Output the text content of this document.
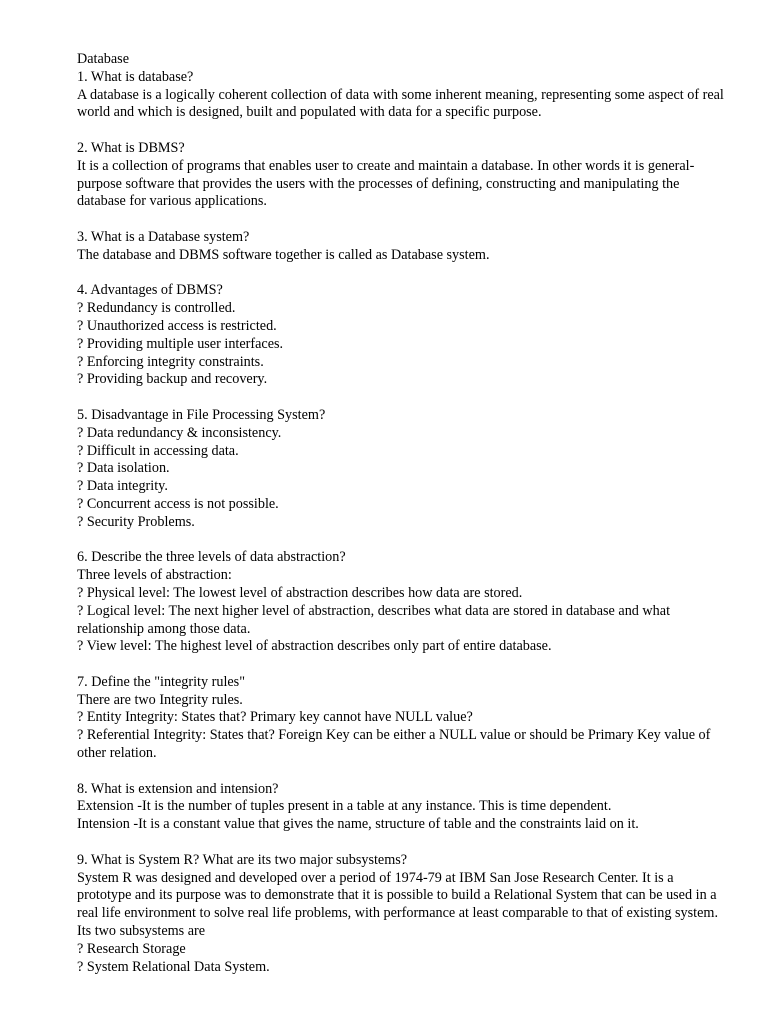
Database

1. What is database?

A database is a logically coherent collection of data with some inherent meaning, representing some aspect of real world and which is designed, built and populated with data for a specific purpose.

2. What is DBMS?

It is a collection of programs that enables user to create and maintain a database. In other words it is general-purpose software that provides the users with the processes of defining, constructing and manipulating the database for various applications.

3. What is a Database system?

The database and DBMS software together is called as Database system.

4. Advantages of DBMS?

? Redundancy is controlled.

? Unauthorized access is restricted.

? Providing multiple user interfaces.

? Enforcing integrity constraints.

? Providing backup and recovery.

5. Disadvantage in File Processing System?

? Data redundancy & inconsistency.

? Difficult in accessing data.

? Data isolation.

? Data integrity.

? Concurrent access is not possible.

? Security Problems.

6. Describe the three levels of data abstraction?

Three levels of abstraction:

? Physical level: The lowest level of abstraction describes how data are stored.

? Logical level: The next higher level of abstraction, describes what data are stored in database and what relationship among those data.

? View level: The highest level of abstraction describes only part of entire database.

7. Define the "integrity rules"

There are two Integrity rules.

? Entity Integrity: States that? Primary key cannot have NULL value?

? Referential Integrity: States that? Foreign Key can be either a NULL value or should be Primary Key value of other relation.

8. What is extension and intension?

Extension -It is the number of tuples present in a table at any instance. This is time dependent.

Intension -It is a constant value that gives the name, structure of table and the constraints laid on it.

9. What is System R? What are its two major subsystems?

System R was designed and developed over a period of 1974-79 at IBM San Jose Research Center. It is a prototype and its purpose was to demonstrate that it is possible to build a Relational System that can be used in a real life environment to solve real life problems, with performance at least comparable to that of existing system.

Its two subsystems are

? Research Storage

? System Relational Data System.
